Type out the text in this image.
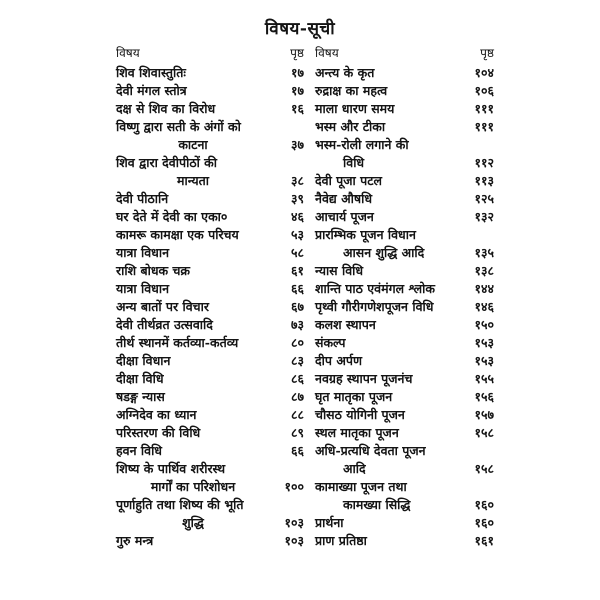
विषय-सूची
विषय	पृष्ठ
शिव शिवास्तुतिः	१७
देवी मंगल स्तोत्र	१७
दक्ष से शिव का विरोध	१६
विष्णु द्वारा सती के अंगों को
काटना	३७
शिव द्वारा देवीपीठों की
मान्यता	३८
देवी पीठानि	३९
घर देते में देवी का एका०	४६
कामरू कामक्षा एक परिचय	५३
यात्रा विधान	५८
राशि बोधक चक्र	६१
यात्रा विधान	६६
अन्य बातों पर विचार	६७
देवी तीर्थव्रत उत्सवादि	७३
तीर्थ स्थानमें कर्तव्या-कर्तव्य	८०
दीक्षा विधान	८३
दीक्षा विधि	८६
षडङ्ग न्यास	८७
अग्निदेव का ध्यान	८८
परिस्तरण की विधि	८९
हवन विधि	६६
शिष्य के पार्थिव शरीरस्थ
मार्गों का परिशोधन	१००
पूर्णाहुति तथा शिष्य की भूति
शुद्धि	१०३
गुरु मन्त्र	१०३
विषय	पृष्ठ
अन्त्य के कृत	१०४
रुद्राक्ष का महत्व	१०६
माला धारण समय	१११
भस्म और टीका	१११
भस्म-रोली लगाने की
विधि	११२
देवी पूजा पटल	११३
नैवेद्य औषधि	१२५
आचार्य पूजन	१३२
प्रारम्भिक पूजन विधान
आसन शुद्धि आदि	१३५
न्यास विधि	१३८
शान्ति पाठ एवंमंगल श्लोक	१४४
पृथ्वी गौरीगणेशपूजन विधि	१४६
कलश स्थापन	१५०
संकल्प	१५३
दीप अर्पण	१५३
नवग्रह स्थापन पूजनंच	१५५
घृत मातृका पूजन	१५६
चौसठ योगिनी पूजन	१५७
स्थल मातृका पूजन	१५८
अधि-प्रत्यधि देवता पूजन
आदि	१५८
कामाख्या पूजन तथा
कामख्या सिद्धि	१६०
प्रार्थना	१६०
प्राण प्रतिष्ठा	१६१
